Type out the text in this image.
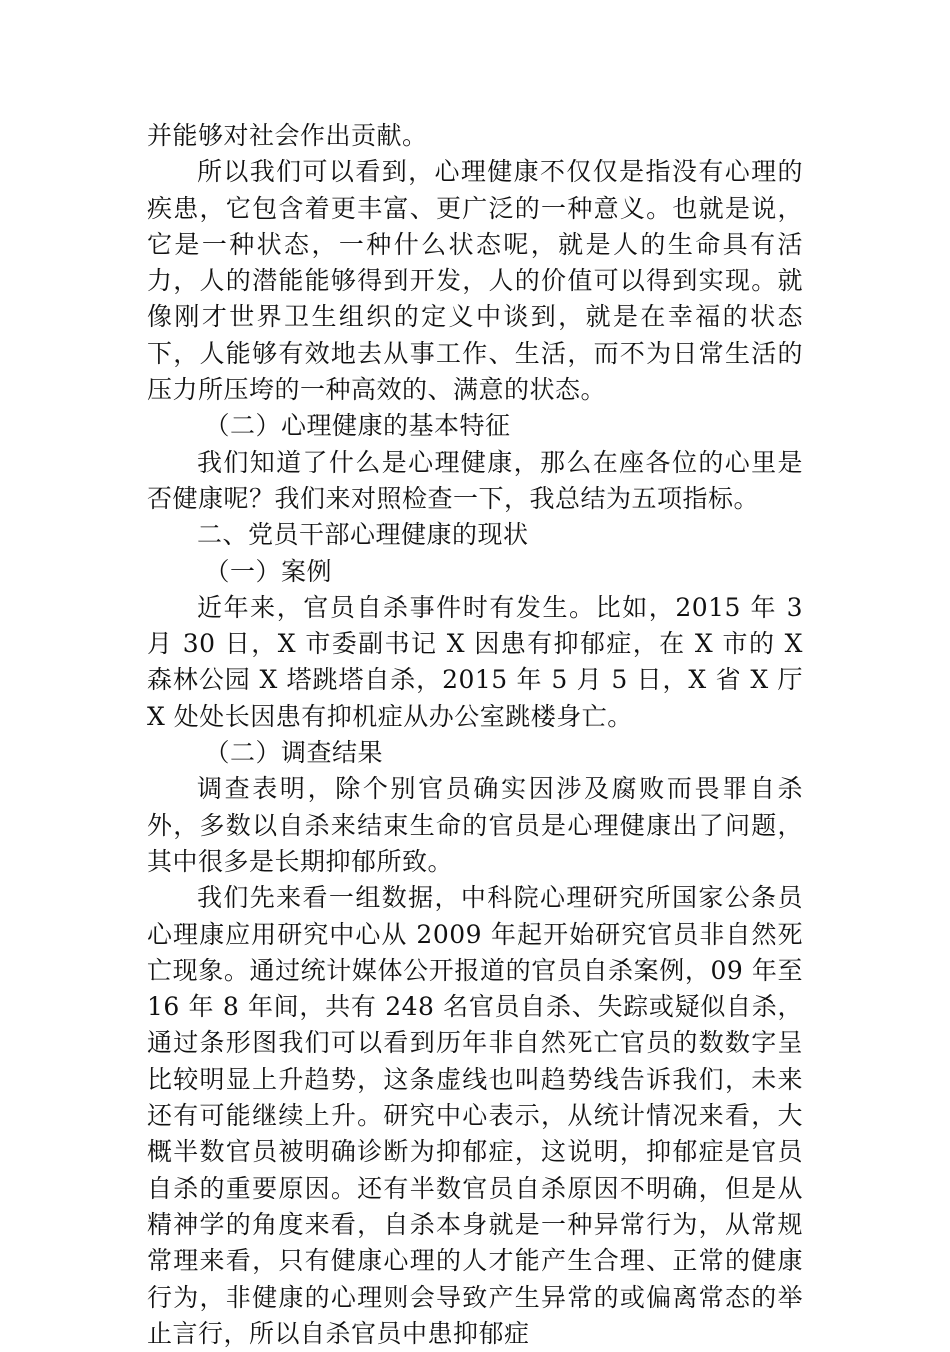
并能够对社会作出贡献。

所以我们可以看到，心理健康不仅仅是指没有心理的疾患，它包含着更丰富、更广泛的一种意义。也就是说，它是一种状态，一种什么状态呢，就是人的生命具有活力，人的潜能能够得到开发，人的价值可以得到实现。就像刚才世界卫生组织的定义中谈到，就是在幸福的状态下，人能够有效地去从事工作、生活，而不为日常生活的压力所压垮的一种高效的、满意的状态。

（二）心理健康的基本特征

我们知道了什么是心理健康，那么在座各位的心里是否健康呢？我们来对照检查一下，我总结为五项指标。

二、党员干部心理健康的现状

（一）案例

近年来，官员自杀事件时有发生。比如，2015 年 3 月 30 日，X 市委副书记 X 因患有抑郁症，在 X 市的 X 森林公园 X 塔跳塔自杀，2015 年 5 月 5 日，X 省 X 厅 X 处处长因患有抑机症从办公室跳楼身亡。

（二）调查结果

调查表明，除个别官员确实因涉及腐败而畏罪自杀外，多数以自杀来结束生命的官员是心理健康出了问题，其中很多是长期抑郁所致。

我们先来看一组数据，中科院心理研究所国家公条员心理康应用研究中心从 2009 年起开始研究官员非自然死亡现象。通过统计媒体公开报道的官员自杀案例，09 年至 16 年 8 年间，共有 248 名官员自杀、失踪或疑似自杀，通过条形图我们可以看到历年非自然死亡官员的数数字呈比较明显上升趋势，这条虚线也叫趋势线告诉我们，未来还有可能继续上升。研究中心表示，从统计情况来看，大概半数官员被明确诊断为抑郁症，这说明，抑郁症是官员自杀的重要原因。还有半数官员自杀原因不明确，但是从精神学的角度来看，自杀本身就是一种异常行为，从常规常理来看，只有健康心理的人才能产生合理、正常的健康行为，非健康的心理则会导致产生异常的或偏离常态的举止言行，所以自杀官员中患抑郁症
